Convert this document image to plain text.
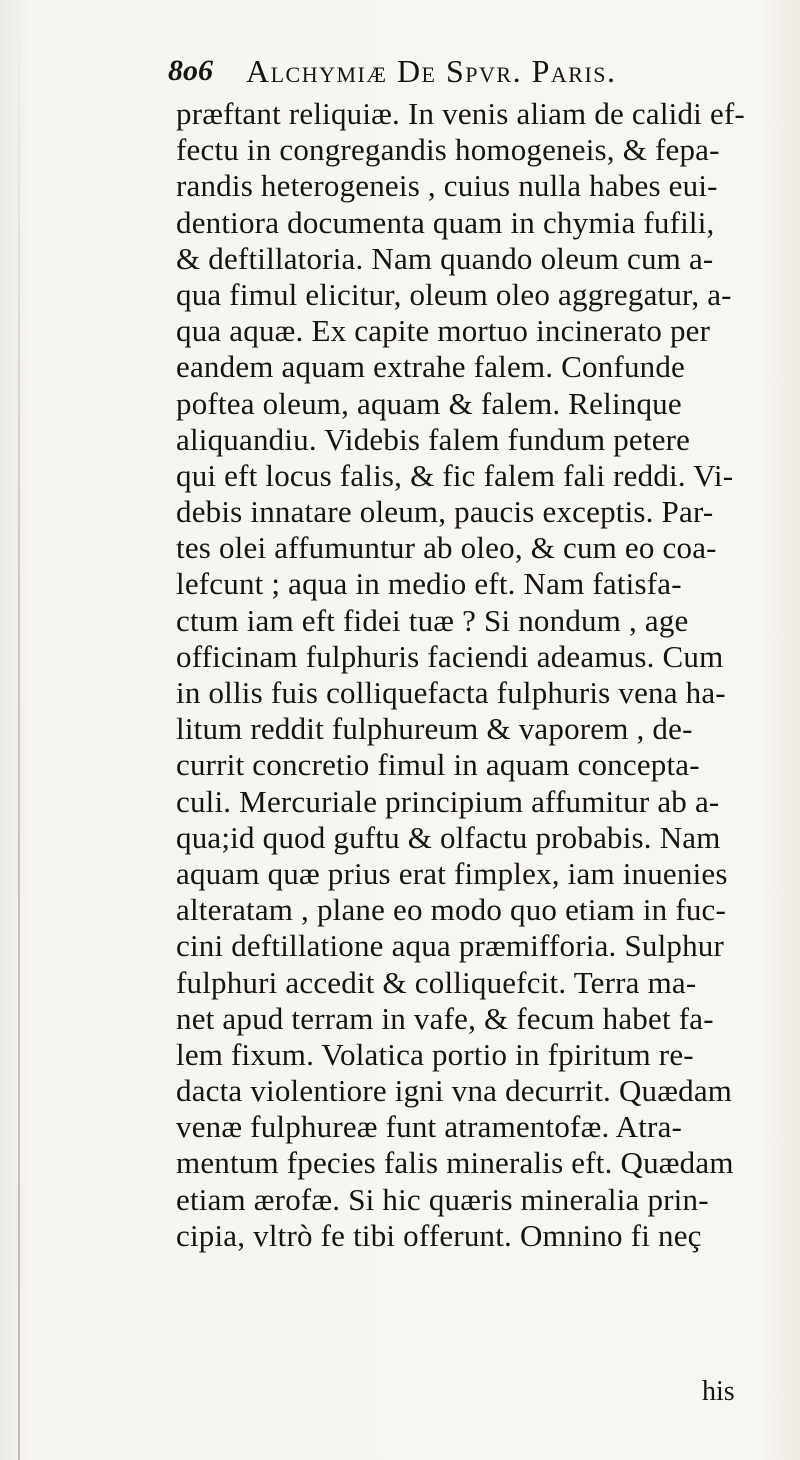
8o6 Alchymiæ De Spvr. Paris.
præftant reliquiæ. In venis aliam de calidi ef-
fectu in congregandis homogeneis, & fepa-
randis heterogeneis , cuius nulla habes eui-
dentiora documenta quam in chymia fufili,
& deftillatoria. Nam quando oleum cum a-
qua fimul elicitur, oleum oleo aggregatur, a-
qua aquæ. Ex capite mortuo incinerato per
eandem aquam extrahe falem. Confunde
poftea oleum, aquam & falem. Relinque
aliquandiu. Videbis falem fundum petere
qui eft locus falis, & fic falem fali reddi. Vi-
debis innatare oleum, paucis exceptis. Par-
tes olei affumuntur ab oleo, & cum eo coa-
lefcunt ; aqua in medio eft. Nam fatisfa-
ctum iam eft fidei tuæ ? Si nondum , age
officinam fulphuris faciendi adeamus. Cum
in ollis fuis colliquefacta fulphuris vena ha-
litum reddit fulphureum & vaporem , de-
currit concretio fimul in aquam concepta-
culi. Mercuriale principium affumitur ab a-
qua;id quod guftu & olfactu probabis. Nam
aquam quæ prius erat fimplex, iam inuenies
alteratam , plane eo modo quo etiam in fuc-
cini deftillatione aqua præmifforia. Sulphur
fulphuri accedit & colliquefcit. Terra ma-
net apud terram in vafe, & fecum habet fa-
lem fixum. Volatica portio in fpiritum re-
dacta violentiore igni vna decurrit. Quædam
venæ fulphureæ funt atramentofæ. Atra-
mentum fpecies falis mineralis eft. Quædam
etiam ærofæ. Si hic quæris mineralia prin-
cipia, vltrò fe tibi offerunt. Omnino fi neç
his
